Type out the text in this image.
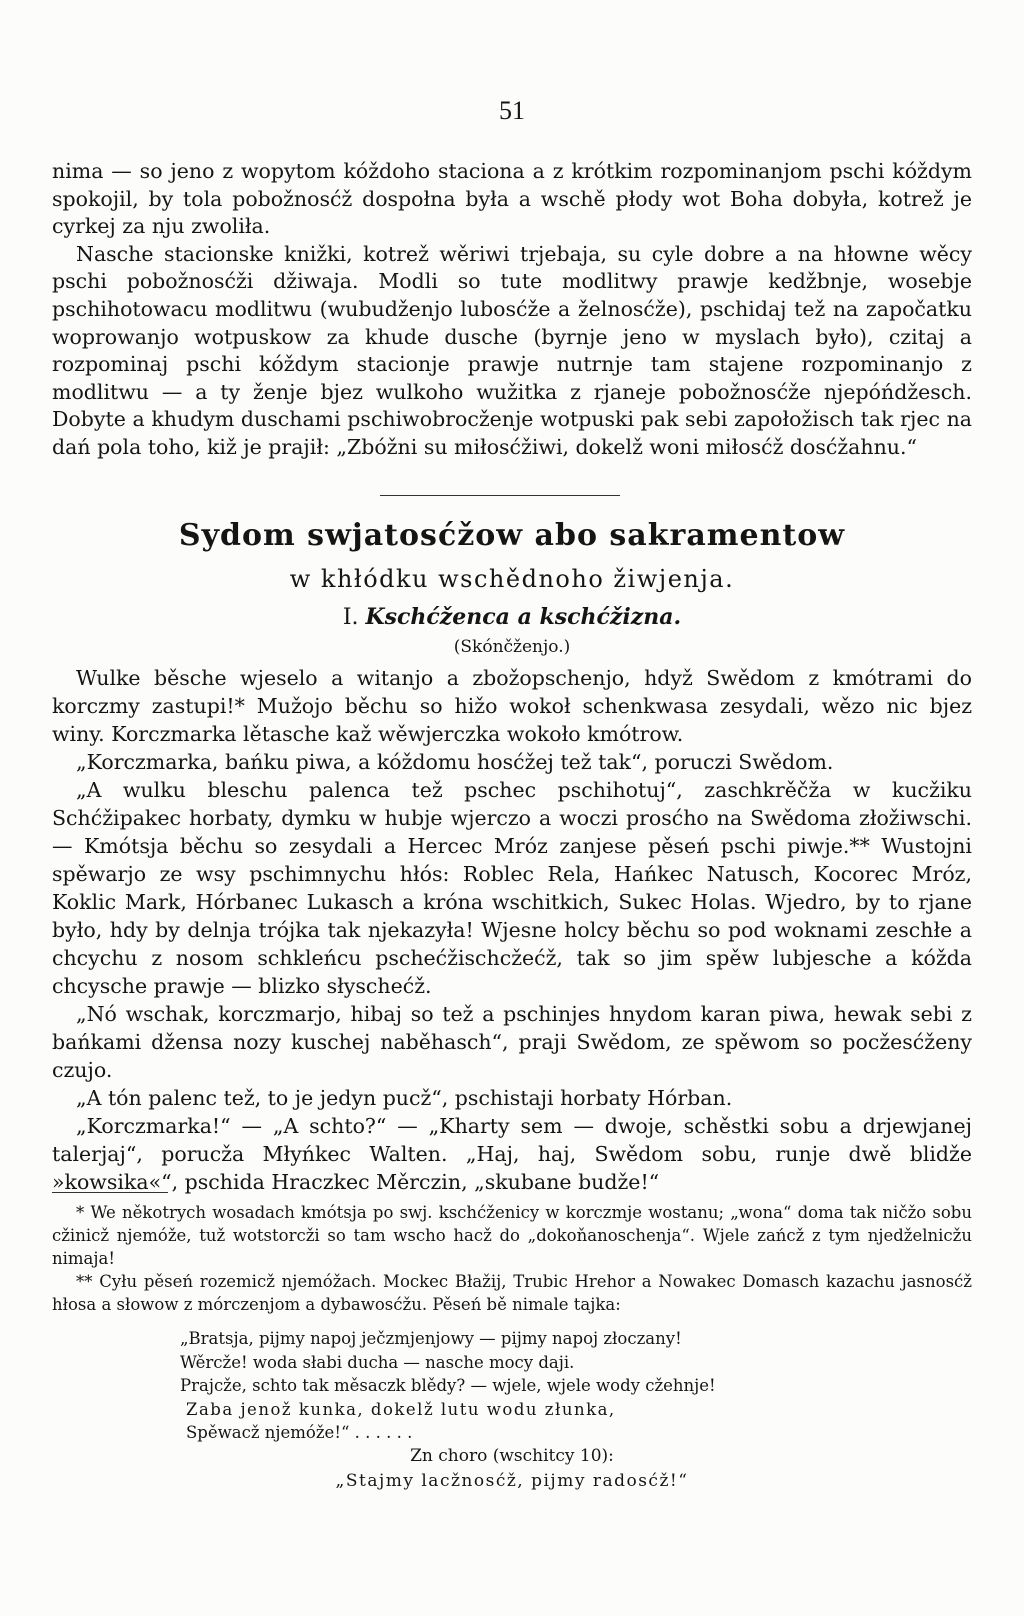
51

nima — so jeno z wopytom kóždoho staciona a z krótkim rozpominanjom pschi kóždym spokojil, by tola pobožnosćž dospołna była a wschě płody wot Boha dobyła, kotrež je cyrkej za nju zwoliła.

Nasche stacionske knižki, kotrež wěriwi trjebaja, su cyle dobre a na hłowne wěcy pschi pobožnosćži džiwaja. Modli so tute modlitwy prawje kedžbnje, wosebje pschihotowacu modlitwu (wubudženjo lubosćže a želnosćže), pschidaj tež na započatku woprowanjo wotpuskow za khude dusche (byrnje jeno w myslach było), czitaj a rozpominaj pschi kóždym stacionje prawje nutrnje tam stajene rozpominanjo z modlitwu — a ty ženje bjez wulkoho wužitka z rjaneje pobožnosćže njepóńdžesch. Dobyte a khudym duschami pschiwobrocženje wotpuski pak sebi zapołožisch tak rjec na dań pola toho, kiž je prajił: „Zbóžni su miłosćžiwi, dokelž woni miłosćž dosćžahnu.“

Sydom swjatosćžow abo sakramentow
w khłódku wschědnoho žiwjenja.
I. Kschćženca a kschćžizna.
(Skónčženjo.)

Wulke běsche wjeselo a witanjo a zbožopschenjo, hdyž Swědom z kmótrami do korczmy zastupi!* Mužojo běchu so hižo wokoł schenkwasa zesydali, wězo nic bjez winy. Korczmarka lětasche kaž wěwjerczka wokoło kmótrow.

„Korczmarka, bańku piwa, a kóždomu hosćžej tež tak“, poruczi Swědom.

„A wulku bleschu palenca tež pschec pschihotuj“, zaschkrěčža w kucžiku Schćžipakec horbaty, dymku w hubje wjerczo a woczi prosćho na Swědoma złožiwschi. — Kmótsja běchu so zesydali a Hercec Mróz zanjese pěseń pschi piwje.** Wustojni spěwarjo ze wsy pschimnychu hłós: Roblec Rela, Hańkec Natusch, Kocorec Mróz, Koklic Mark, Hórbanec Lukasch a króna wschitkich, Sukec Holas. Wjedro, by to rjane było, hdy by delnja trójka tak njekazyła! Wjesne holcy běchu so pod woknami zeschłe a chcychu z nosom schkleńcu pschećžischcžećž, tak so jim spěw lubjesche a kóžda chcysche prawje — blizko słyschećž.

„Nó wschak, korczmarjo, hibaj so tež a pschinjes hnydom karan piwa, hewak sebi z bańkami džensa nozy kuschej naběhasch“, praji Swědom, ze spěwom so pocžesćženy czujo.

„A tón palenc tež, to je jedyn pucž“, pschistaji horbaty Hórban.

„Korczmarka!“ — „A schto?“ — „Kharty sem — dwoje, schěstki sobu a drjewjanej talerjaj“, porucža Młyńkec Walten. „Haj, haj, Swědom sobu, runje dwě blidže »kowsika«“, pschida Hraczkec Měrczin, „skubane budže!“

* We někotrych wosadach kmótsja po swj. kschćženicy w korczmje wostanu; „wona“ doma tak ničžo sobu cžinicž njemóže, tuž wotstorcži so tam wscho hacž do „dokoňanoschenja“. Wjele zańcž z tym njedželnicžu nimaja!

** Cyłu pěseń rozemicž njemóžach. Mockec Błažij, Trubic Hrehor a Nowakec Domasch kazachu jasnosćž hłosa a słowow z mórczenjom a dybawosćžu. Pěseń bě nimale tajka:

„Bratsja, pijmy napoj ječzmjenjowy — pijmy napoj złoczany!
Wěrcže! woda słabi ducha — nasche mocy daji.
Prajcže, schto tak měsaczk blědy? — wjele, wjele wody cžehnje!
Zaba jenož kunka, dokelž lutu wodu złunka,
Spěwacž njemóže!“ . . . . . .
Zn choro (wschitcy 10):
„Stajmy lacžnosćž, pijmy radosćž!“
